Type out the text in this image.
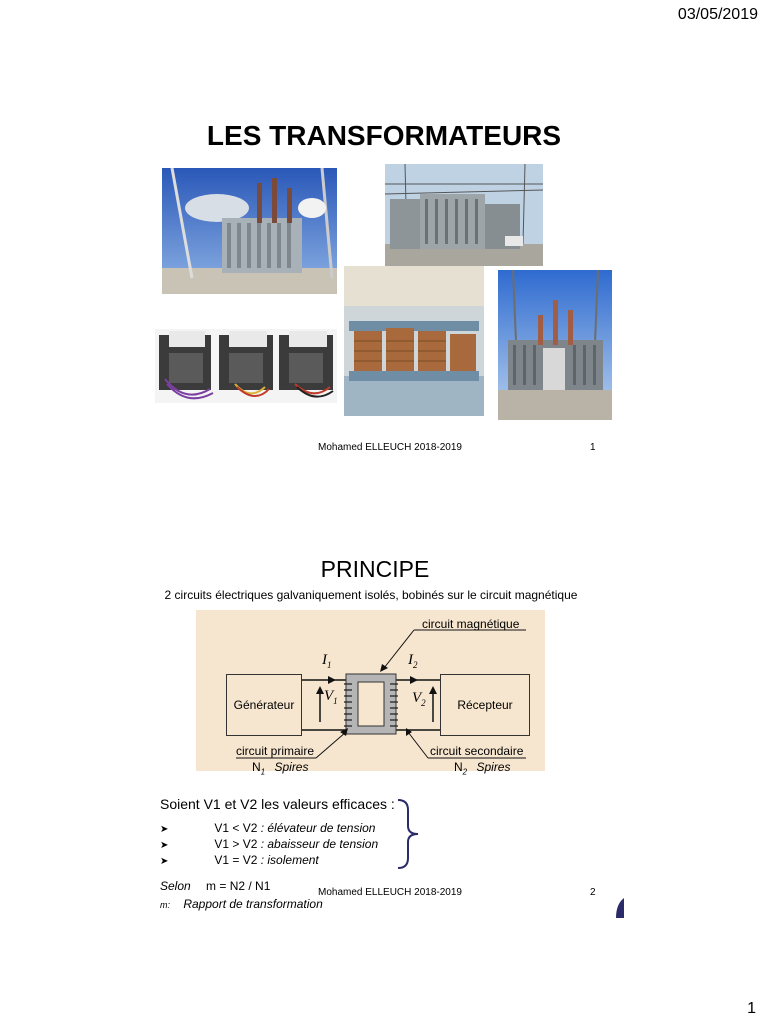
03/05/2019
LES TRANSFORMATEURS
Mohamed ELLEUCH 2018-2019	1
PRINCIPE
2 circuits électriques galvaniquement isolés, bobinés sur le circuit magnétique
circuit magnétique
Générateur	Récepteur
$I_1$	$I_2$
$V_1$	$V_2$
circuit primaire	circuit secondaire
$N_1$ Spires	$N_2$ Spires
Soient V1 et V2 les valeurs efficaces :
➤	V1 < V2 : élévateur de tension
➤	V1 > V2 : abaisseur de tension
➤	V1 = V2 : isolement
Selon m = N2 / N1
m: Rapport de transformation
Mohamed ELLEUCH 2018-2019	2
1
